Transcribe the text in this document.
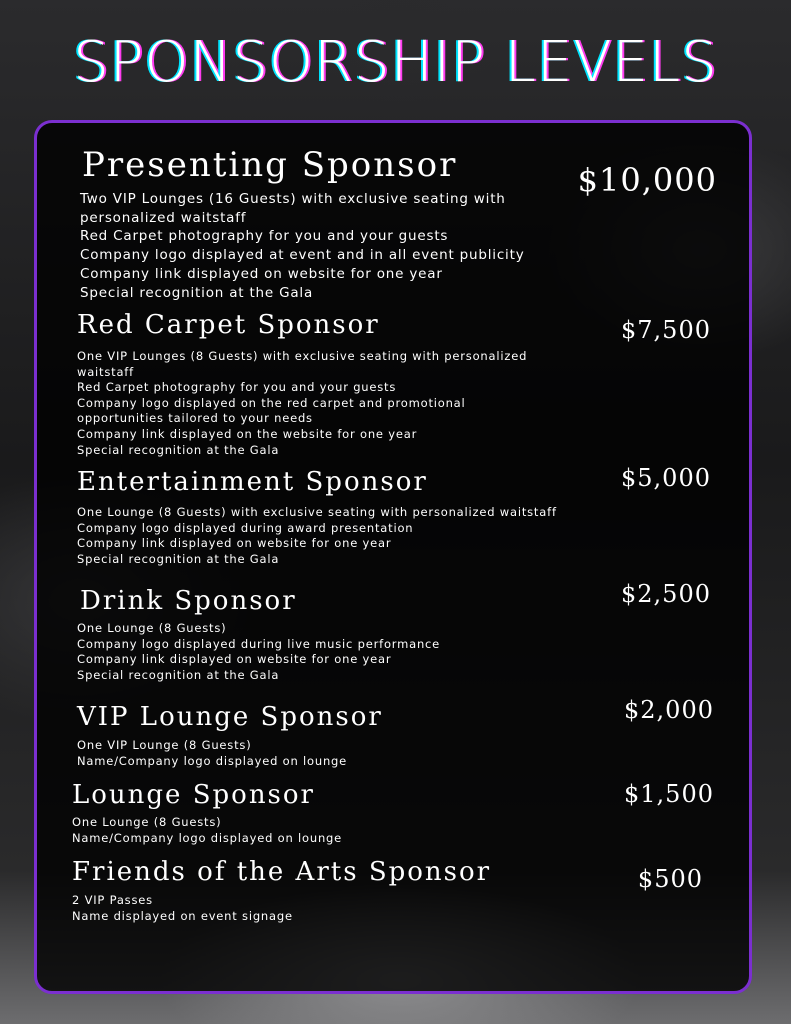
SPONSORSHIP LEVELS
Presenting Sponsor	$10,000
Two VIP Lounges (16 Guests) with exclusive seating with
personalized waitstaff
Red Carpet photography for you and your guests
Company logo displayed at event and in all event publicity
Company link displayed on website for one year
Special recognition at the Gala
Red Carpet Sponsor	$7,500
One VIP Lounges (8 Guests) with exclusive seating with personalized
waitstaff
Red Carpet photography for you and your guests
Company logo displayed on the red carpet and promotional
opportunities tailored to your needs
Company link displayed on the website for one year
Special recognition at the Gala
Entertainment Sponsor	$5,000
One Lounge (8 Guests) with exclusive seating with personalized waitstaff
Company logo displayed during award presentation
Company link displayed on website for one year
Special recognition at the Gala
Drink Sponsor	$2,500
One Lounge (8 Guests)
Company logo displayed during live music performance
Company link displayed on website for one year
Special recognition at the Gala
VIP Lounge Sponsor	$2,000
One VIP Lounge (8 Guests)
Name/Company logo displayed on lounge
Lounge Sponsor	$1,500
One Lounge (8 Guests)
Name/Company logo displayed on lounge
Friends of the Arts Sponsor	$500
2 VIP Passes
Name displayed on event signage
